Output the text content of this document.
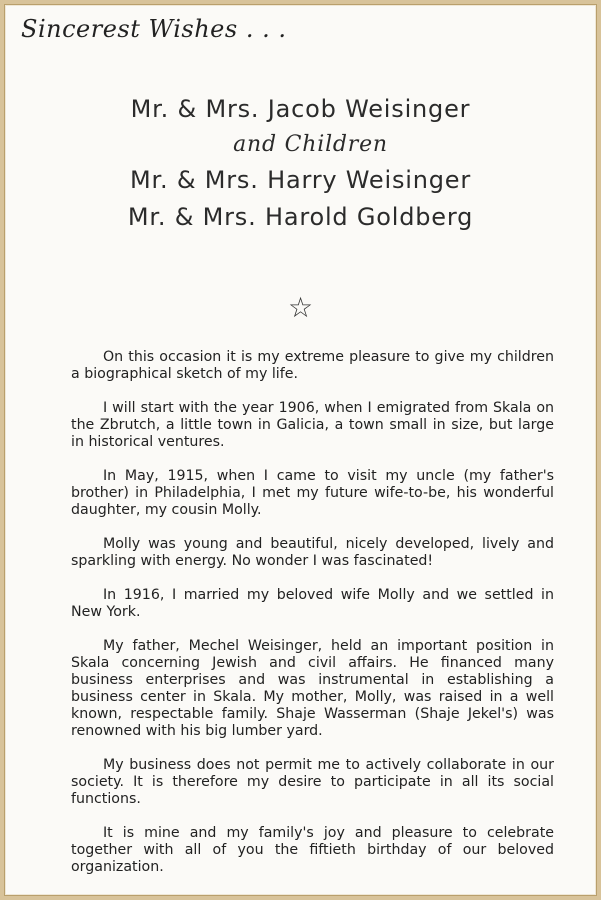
Sincerest Wishes . . .
Mr. & Mrs. Jacob Weisinger
and Children
Mr. & Mrs. Harry Weisinger
Mr. & Mrs. Harold Goldberg
☆

On this occasion it is my extreme pleasure to give my children a biographical sketch of my life.

I will start with the year 1906, when I emigrated from Skala on the Zbrutch, a little town in Galicia, a town small in size, but large in historical ventures.

In May, 1915, when I came to visit my uncle (my father's brother) in Philadelphia, I met my future wife-to-be, his wonderful daughter, my cousin Molly.

Molly was young and beautiful, nicely developed, lively and sparkling with energy. No wonder I was fascinated!

In 1916, I married my beloved wife Molly and we settled in New York.

My father, Mechel Weisinger, held an important position in Skala concerning Jewish and civil affairs. He financed many business enterprises and was instrumental in establishing a business center in Skala. My mother, Molly, was raised in a well known, respectable family. Shaje Wasserman (Shaje Jekel's) was renowned with his big lumber yard.

My business does not permit me to actively collaborate in our society. It is therefore my desire to participate in all its social functions.

It is mine and my family's joy and pleasure to celebrate together with all of you the fiftieth birthday of our beloved organization.
